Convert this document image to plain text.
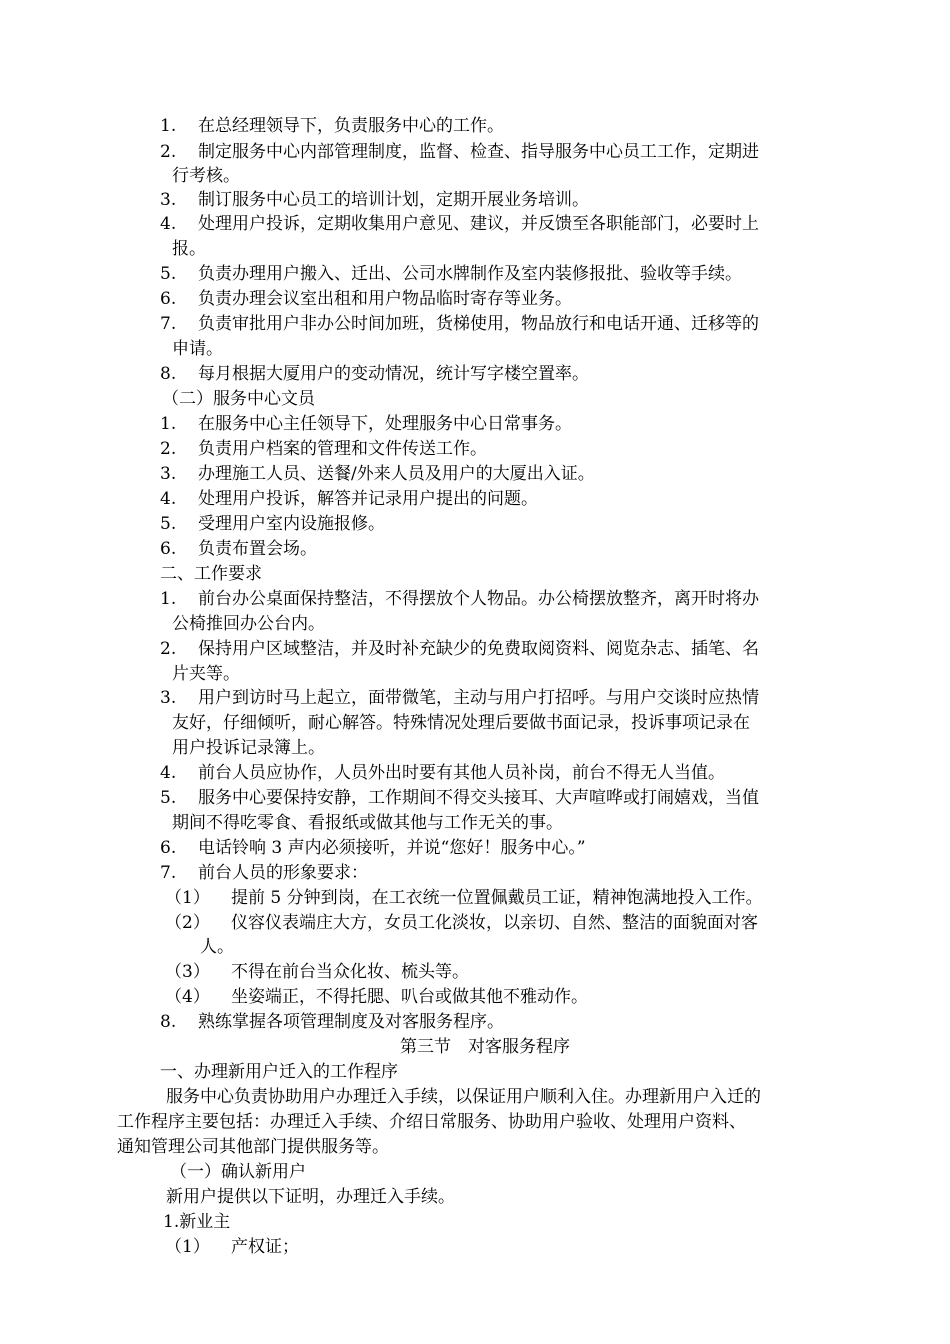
1. 在总经理领导下，负责服务中心的工作。
2. 制定服务中心内部管理制度，监督、检查、指导服务中心员工工作，定期进
行考核。
3. 制订服务中心员工的培训计划，定期开展业务培训。
4. 处理用户投诉，定期收集用户意见、建议，并反馈至各职能部门，必要时上
报。
5. 负责办理用户搬入、迁出、公司水牌制作及室内装修报批、验收等手续。
6. 负责办理会议室出租和用户物品临时寄存等业务。
7. 负责审批用户非办公时间加班，货梯使用，物品放行和电话开通、迁移等的
申请。
8. 每月根据大厦用户的变动情况，统计写字楼空置率。
（二）服务中心文员
1. 在服务中心主任领导下，处理服务中心日常事务。
2. 负责用户档案的管理和文件传送工作。
3. 办理施工人员、送餐/外来人员及用户的大厦出入证。
4. 处理用户投诉，解答并记录用户提出的问题。
5. 受理用户室内设施报修。
6. 负责布置会场。
二、工作要求
1. 前台办公桌面保持整洁，不得摆放个人物品。办公椅摆放整齐，离开时将办
公椅推回办公台内。
2. 保持用户区域整洁，并及时补充缺少的免费取阅资料、阅览杂志、插笔、名
片夹等。
3. 用户到访时马上起立，面带微笔，主动与用户打招呼。与用户交谈时应热情
友好，仔细倾听，耐心解答。特殊情况处理后要做书面记录，投诉事项记录在
用户投诉记录簿上。
4. 前台人员应协作，人员外出时要有其他人员补岗，前台不得无人当值。
5. 服务中心要保持安静，工作期间不得交头接耳、大声喧哗或打闹嬉戏，当值
期间不得吃零食、看报纸或做其他与工作无关的事。
6. 电话铃响 3 声内必须接听，并说“您好！服务中心。”
7. 前台人员的形象要求：
（1） 提前 5 分钟到岗，在工衣统一位置佩戴员工证，精神饱满地投入工作。
（2） 仪容仪表端庄大方，女员工化淡妆，以亲切、自然、整洁的面貌面对客
人。
（3） 不得在前台当众化妆、梳头等。
（4） 坐姿端正，不得托腮、叭台或做其他不雅动作。
8. 熟练掌握各项管理制度及对客服务程序。
第三节　对客服务程序
一、办理新用户迁入的工作程序
服务中心负责协助用户办理迁入手续，以保证用户顺利入住。办理新用户入迁的
工作程序主要包括：办理迁入手续、介绍日常服务、协助用户验收、处理用户资料、
通知管理公司其他部门提供服务等。
（一）确认新用户
新用户提供以下证明，办理迁入手续。
1.新业主
（1） 产权证；
